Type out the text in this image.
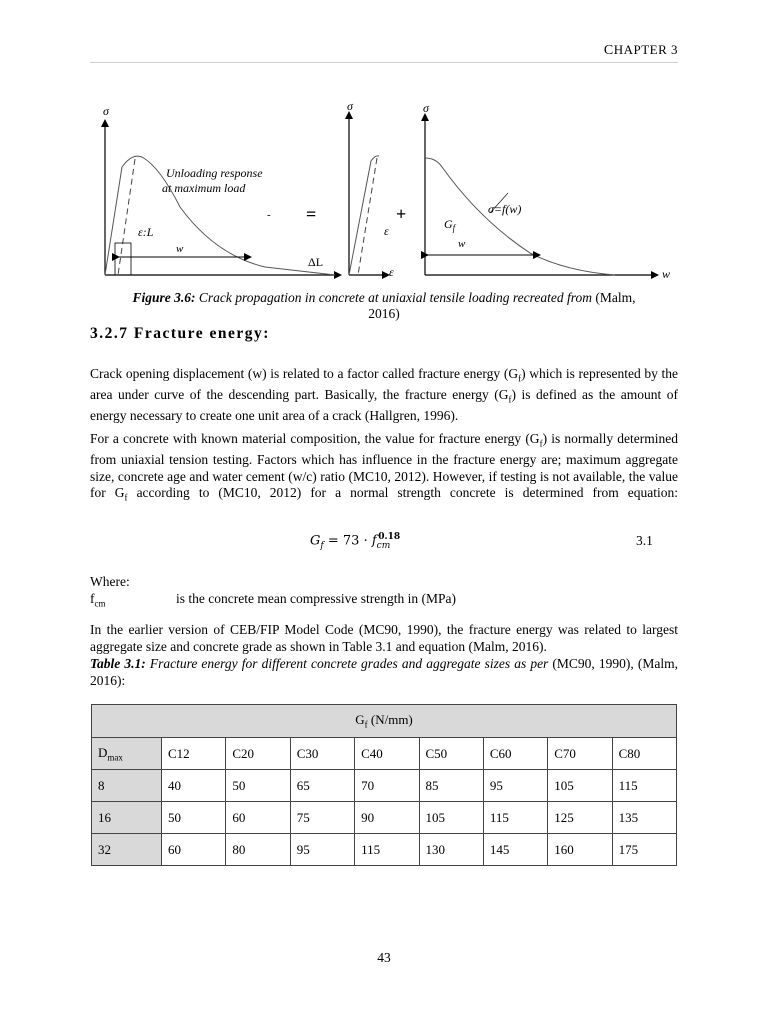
CHAPTER 3
σ
Unloading response
at maximum load
ε:L
w
ΔL
- =
σ
ε
ε
+
σ
$G_f$
w
σ=f(w)
w
Figure 3.6: Crack propagation in concrete at uniaxial tensile loading recreated from (Malm,
2016)
3.2.7 Fracture energy:

Crack opening displacement (w) is related to a factor called fracture energy $(G_f)$ which is represented by the area under curve of the descending part. Basically, the fracture energy $(G_f)$ is defined as the amount of energy necessary to create one unit area of a crack (Hallgren, 1996).

For a concrete with known material composition, the value for fracture energy $(G_f)$ is normally determined from uniaxial tension testing. Factors which has influence in the fracture energy are; maximum aggregate size, concrete age and water cement (w/c) ratio (MC10, 2012). However, if testing is not available, the value for $G_f$ according to (MC10, 2012) for a normal strength concrete is determined from equation:

$G_f = 73 \cdot f_{cm}^{0.18}$	3.1
Where:
$f_{cm}$	is the concrete mean compressive strength in (MPa)

In the earlier version of CEB/FIP Model Code (MC90, 1990), the fracture energy was related to largest aggregate size and concrete grade as shown in Table 3.1 and equation (Malm, 2016).

Table 3.1: Fracture energy for different concrete grades and aggregate sizes as per (MC90, 1990), (Malm, 2016):
$G_f$ (N/mm)								
$D_{max}$	C12	C20	C30	C40	C50	C60	C70	C80
8	40	50	65	70	85	95	105	115
16	50	60	75	90	105	115	125	135
32	60	80	95	115	130	145	160	175
43
